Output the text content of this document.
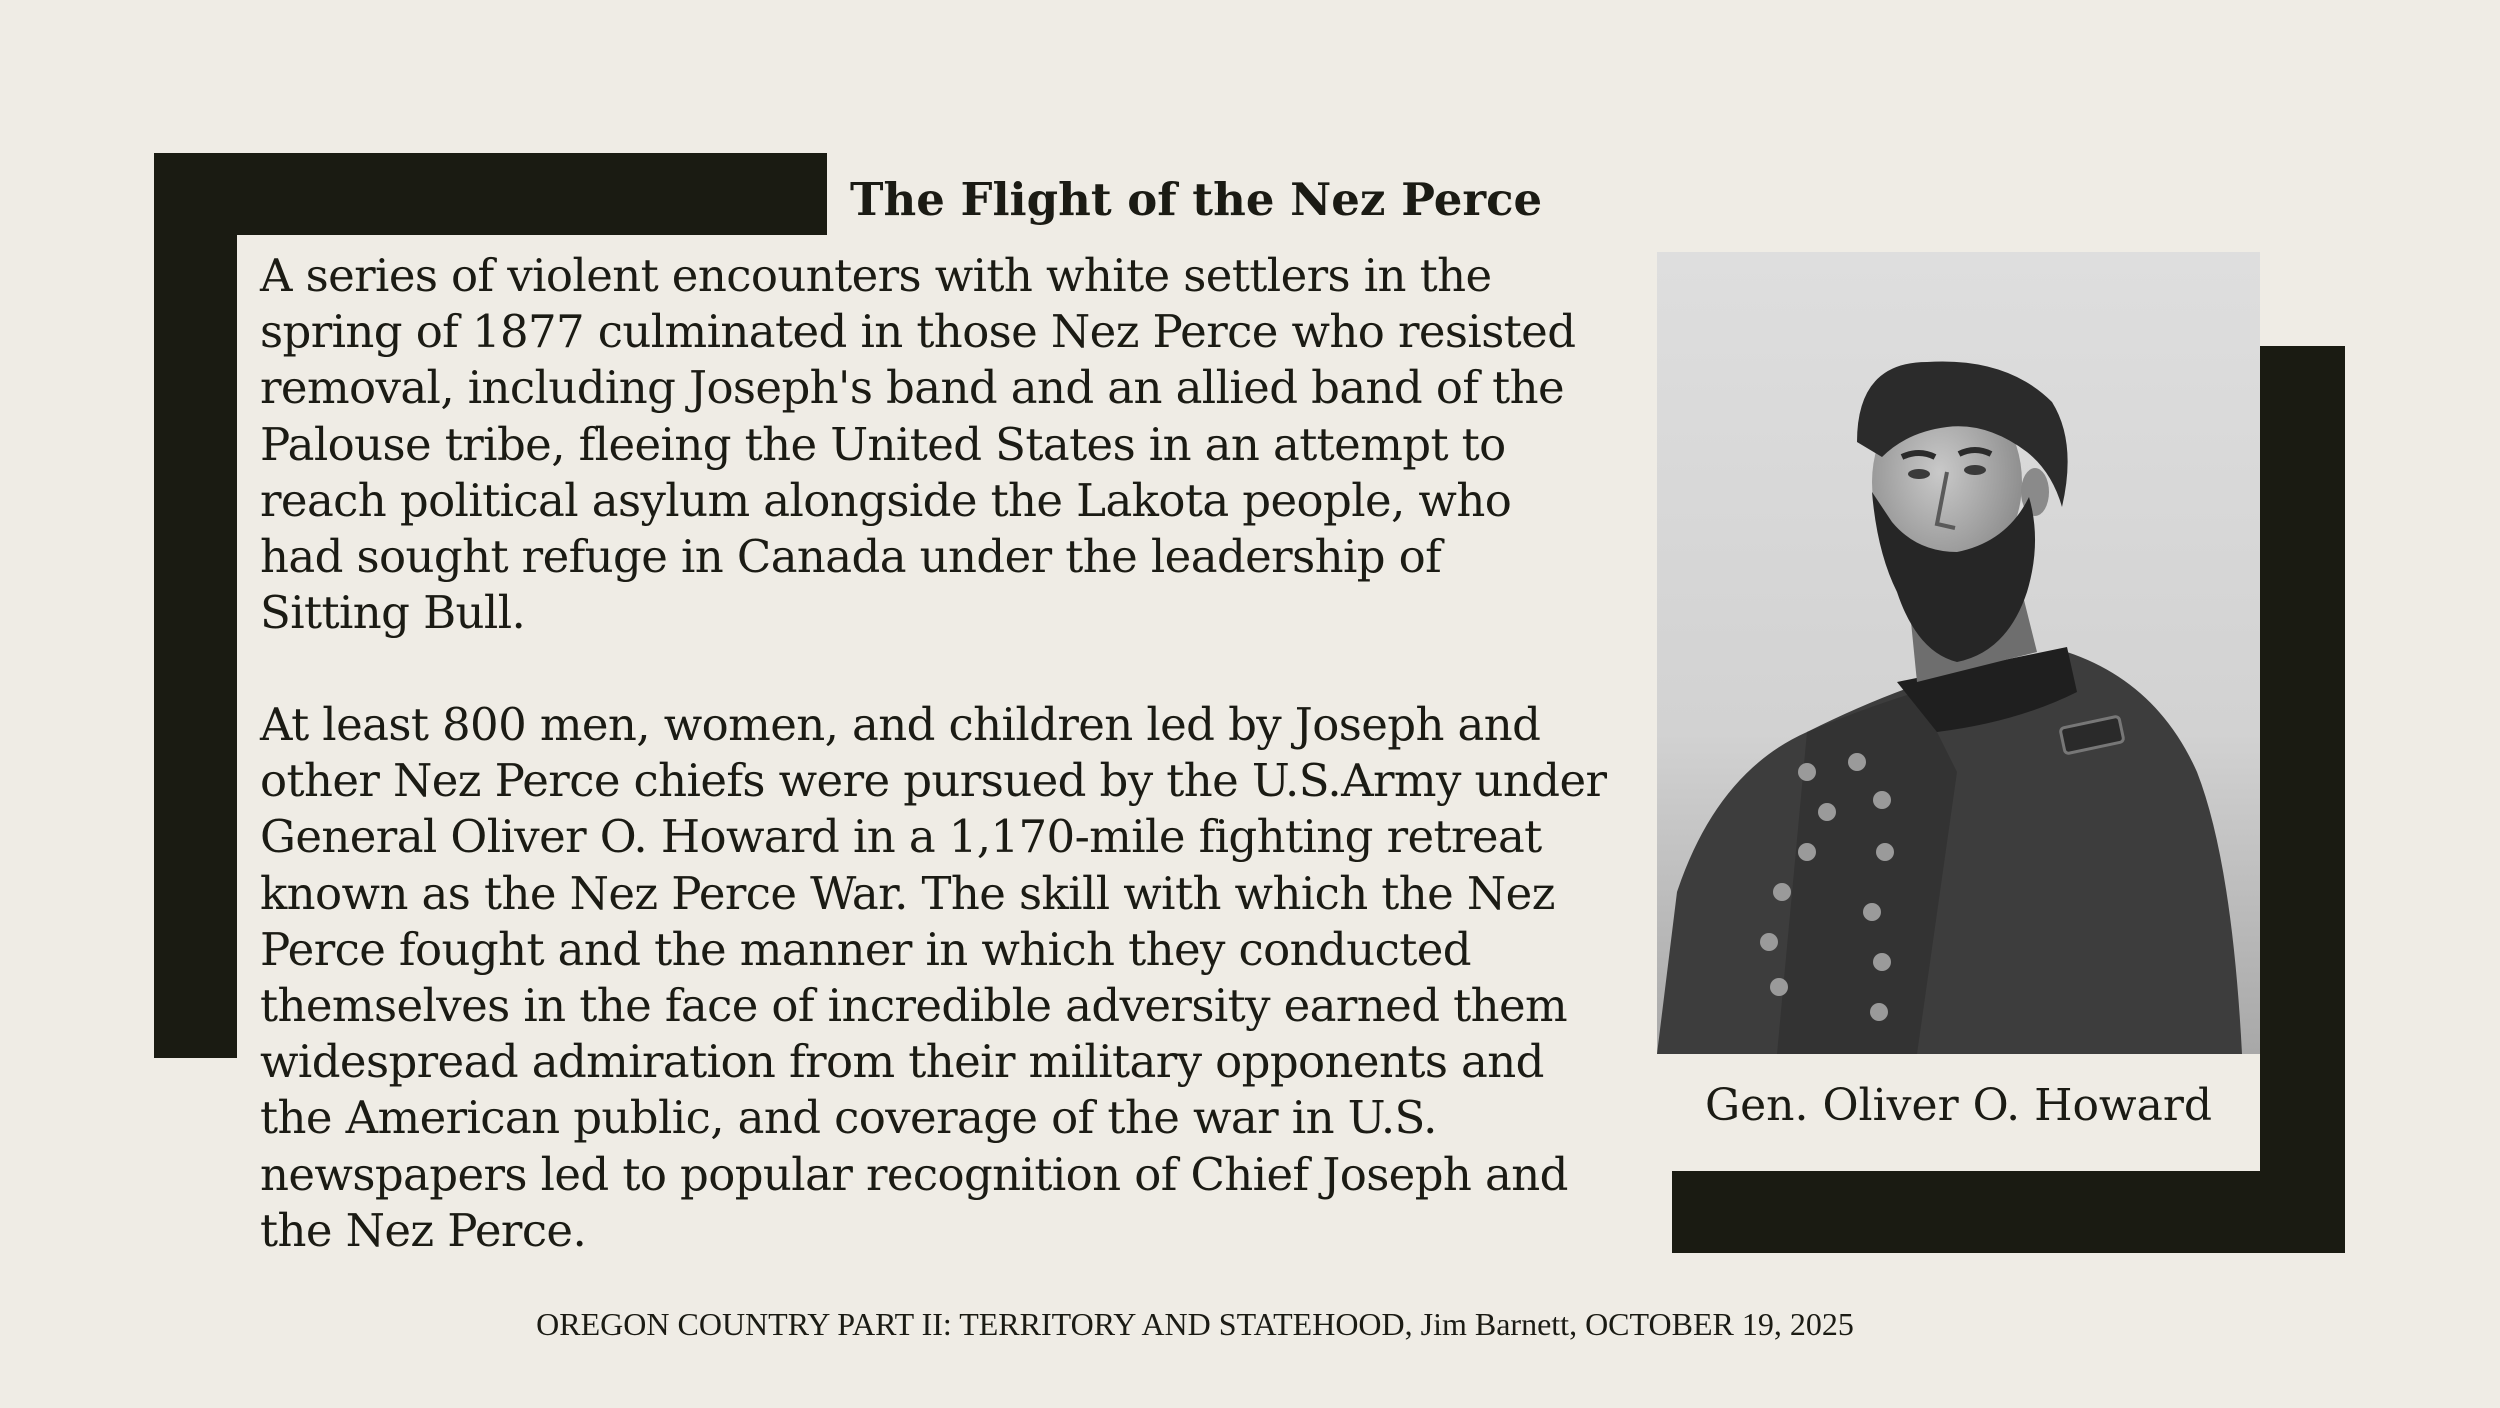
The Flight of the Nez Perce
A series of violent encounters with white settlers in the
spring of 1877 culminated in those Nez Perce who resisted
removal, including Joseph's band and an allied band of the
Palouse tribe, fleeing the United States in an attempt to
reach political asylum alongside the Lakota people, who
had sought refuge in Canada under the leadership of
Sitting Bull.
At least 800 men, women, and children led by Joseph and
other Nez Perce chiefs were pursued by the U.S.Army under
General Oliver O. Howard in a 1,170-mile fighting retreat
known as the Nez Perce War. The skill with which the Nez
Perce fought and the manner in which they conducted
themselves in the face of incredible adversity earned them
widespread admiration from their military opponents and
the American public, and coverage of the war in U.S.
newspapers led to popular recognition of Chief Joseph and
the Nez Perce.
Gen. Oliver O. Howard
OREGON COUNTRY PART II: TERRITORY AND STATEHOOD, Jim Barnett, OCTOBER 19, 2025
